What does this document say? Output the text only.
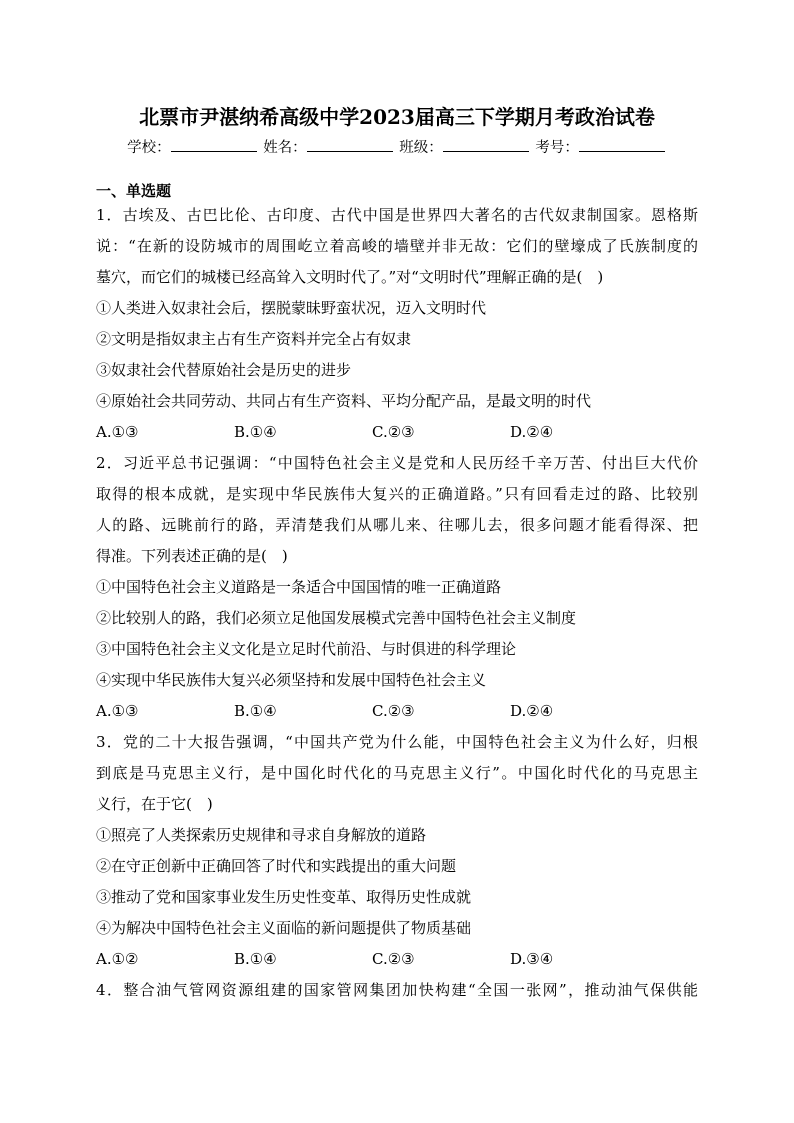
北票市尹湛纳希高级中学2023届高三下学期月考政治试卷
学校：	姓名：	班级：	考号：
一、单选题
1．古埃及、古巴比伦、古印度、古代中国是世界四大著名的古代奴隶制国家。恩格斯
说：“在新的设防城市的周围屹立着高峻的墙壁并非无故：它们的壁壕成了氏族制度的
墓穴，而它们的城楼已经高耸入文明时代了。”对“文明时代”理解正确的是(　)
①人类进入奴隶社会后，摆脱蒙昧野蛮状况，迈入文明时代
②文明是指奴隶主占有生产资料并完全占有奴隶
③奴隶社会代替原始社会是历史的进步
④原始社会共同劳动、共同占有生产资料、平均分配产品，是最文明的时代
A.①③	B.①④	C.②③	D.②④
2．习近平总书记强调：“中国特色社会主义是党和人民历经千辛万苦、付出巨大代价
取得的根本成就，是实现中华民族伟大复兴的正确道路。”只有回看走过的路、比较别
人的路、远眺前行的路，弄清楚我们从哪儿来、往哪儿去，很多问题才能看得深、把
得准。下列表述正确的是(　)
①中国特色社会主义道路是一条适合中国国情的唯一正确道路
②比较别人的路，我们必须立足他国发展模式完善中国特色社会主义制度
③中国特色社会主义文化是立足时代前沿、与时俱进的科学理论
④实现中华民族伟大复兴必须坚持和发展中国特色社会主义
A.①③	B.①④	C.②③	D.②④
3．党的二十大报告强调，“中国共产党为什么能，中国特色社会主义为什么好，归根
到底是马克思主义行，是中国化时代化的马克思主义行”。中国化时代化的马克思主
义行，在于它(　)
①照亮了人类探索历史规律和寻求自身解放的道路
②在守正创新中正确回答了时代和实践提出的重大问题
③推动了党和国家事业发生历史性变革、取得历史性成就
④为解决中国特色社会主义面临的新问题提供了物质基础
A.①②	B.①④	C.②③	D.③④
4．整合油气管网资源组建的国家管网集团加快构建“全国一张网”，推动油气保供能
